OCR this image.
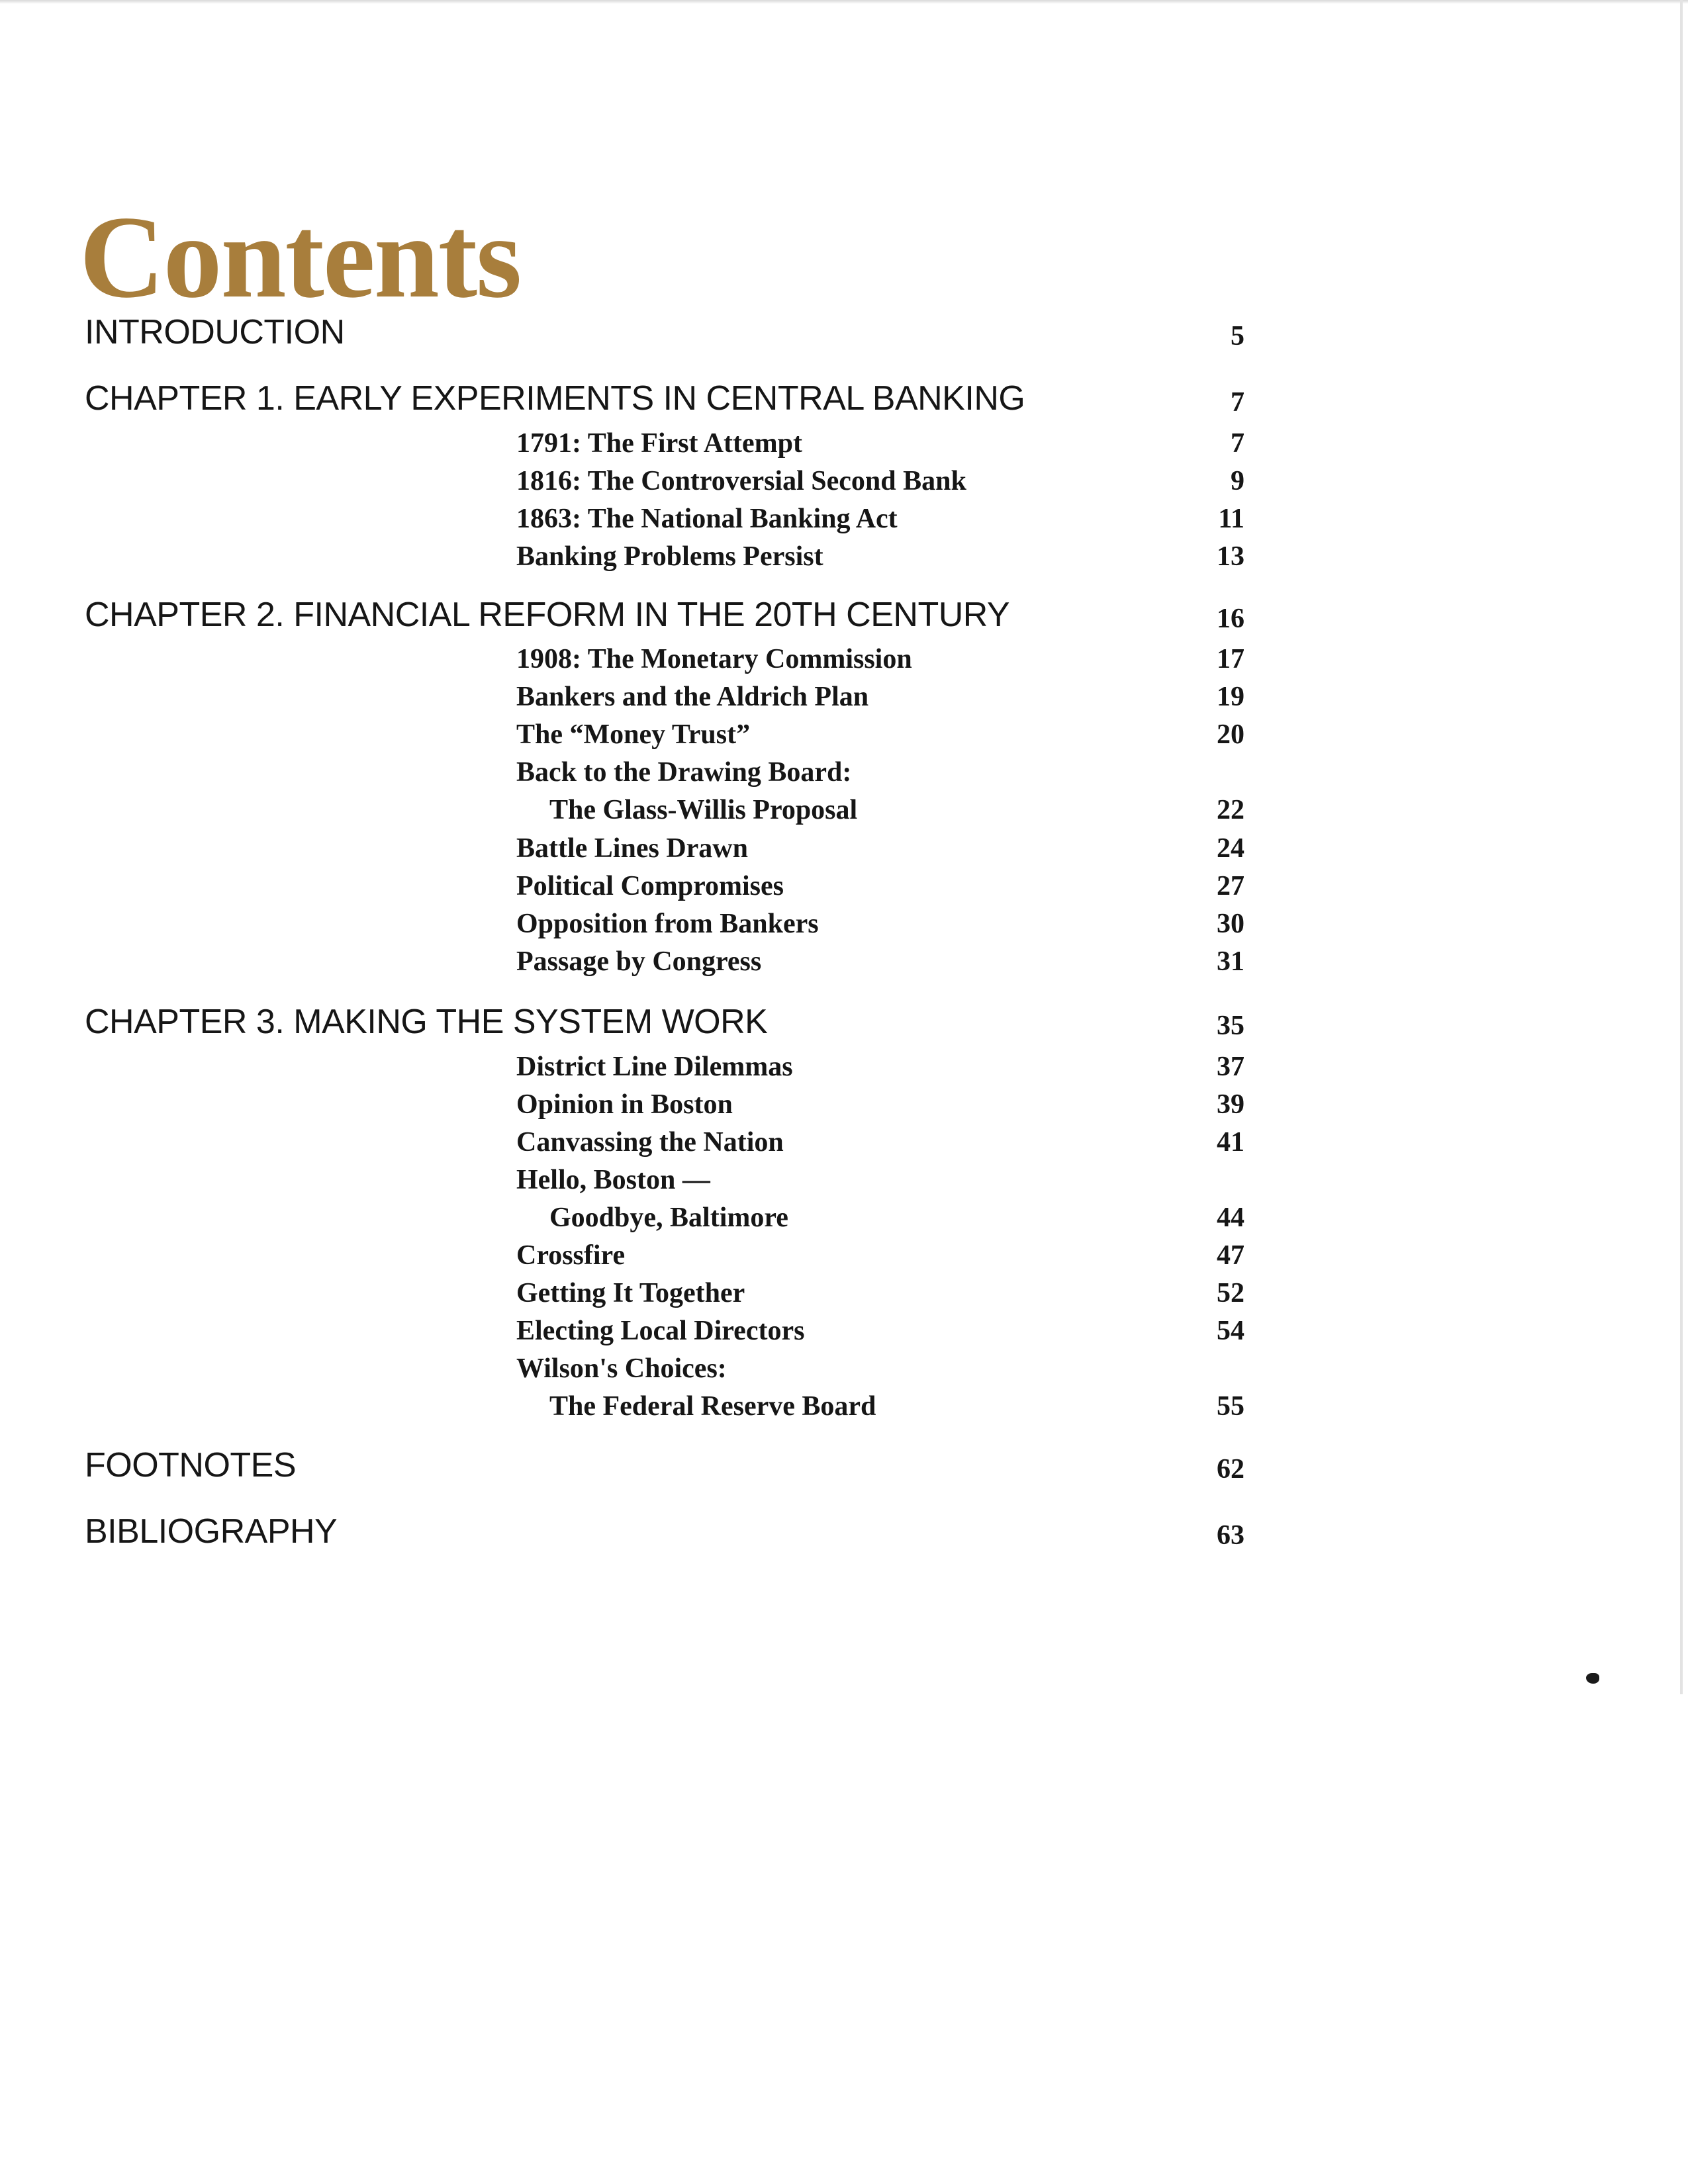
Contents
INTRODUCTION	5
CHAPTER 1. EARLY EXPERIMENTS IN CENTRAL BANKING	7
1791: The First Attempt	7
1816: The Controversial Second Bank	9
1863: The National Banking Act	11
Banking Problems Persist	13
CHAPTER 2. FINANCIAL REFORM IN THE 20TH CENTURY	16
1908: The Monetary Commission	17
Bankers and the Aldrich Plan	19
The “Money Trust”	20
Back to the Drawing Board:
The Glass-Willis Proposal	22
Battle Lines Drawn	24
Political Compromises	27
Opposition from Bankers	30
Passage by Congress	31
CHAPTER 3. MAKING THE SYSTEM WORK	35
District Line Dilemmas	37
Opinion in Boston	39
Canvassing the Nation	41
Hello, Boston —
Goodbye, Baltimore	44
Crossfire	47
Getting It Together	52
Electing Local Directors	54
Wilson's Choices:
The Federal Reserve Board	55
FOOTNOTES	62
BIBLIOGRAPHY	63
